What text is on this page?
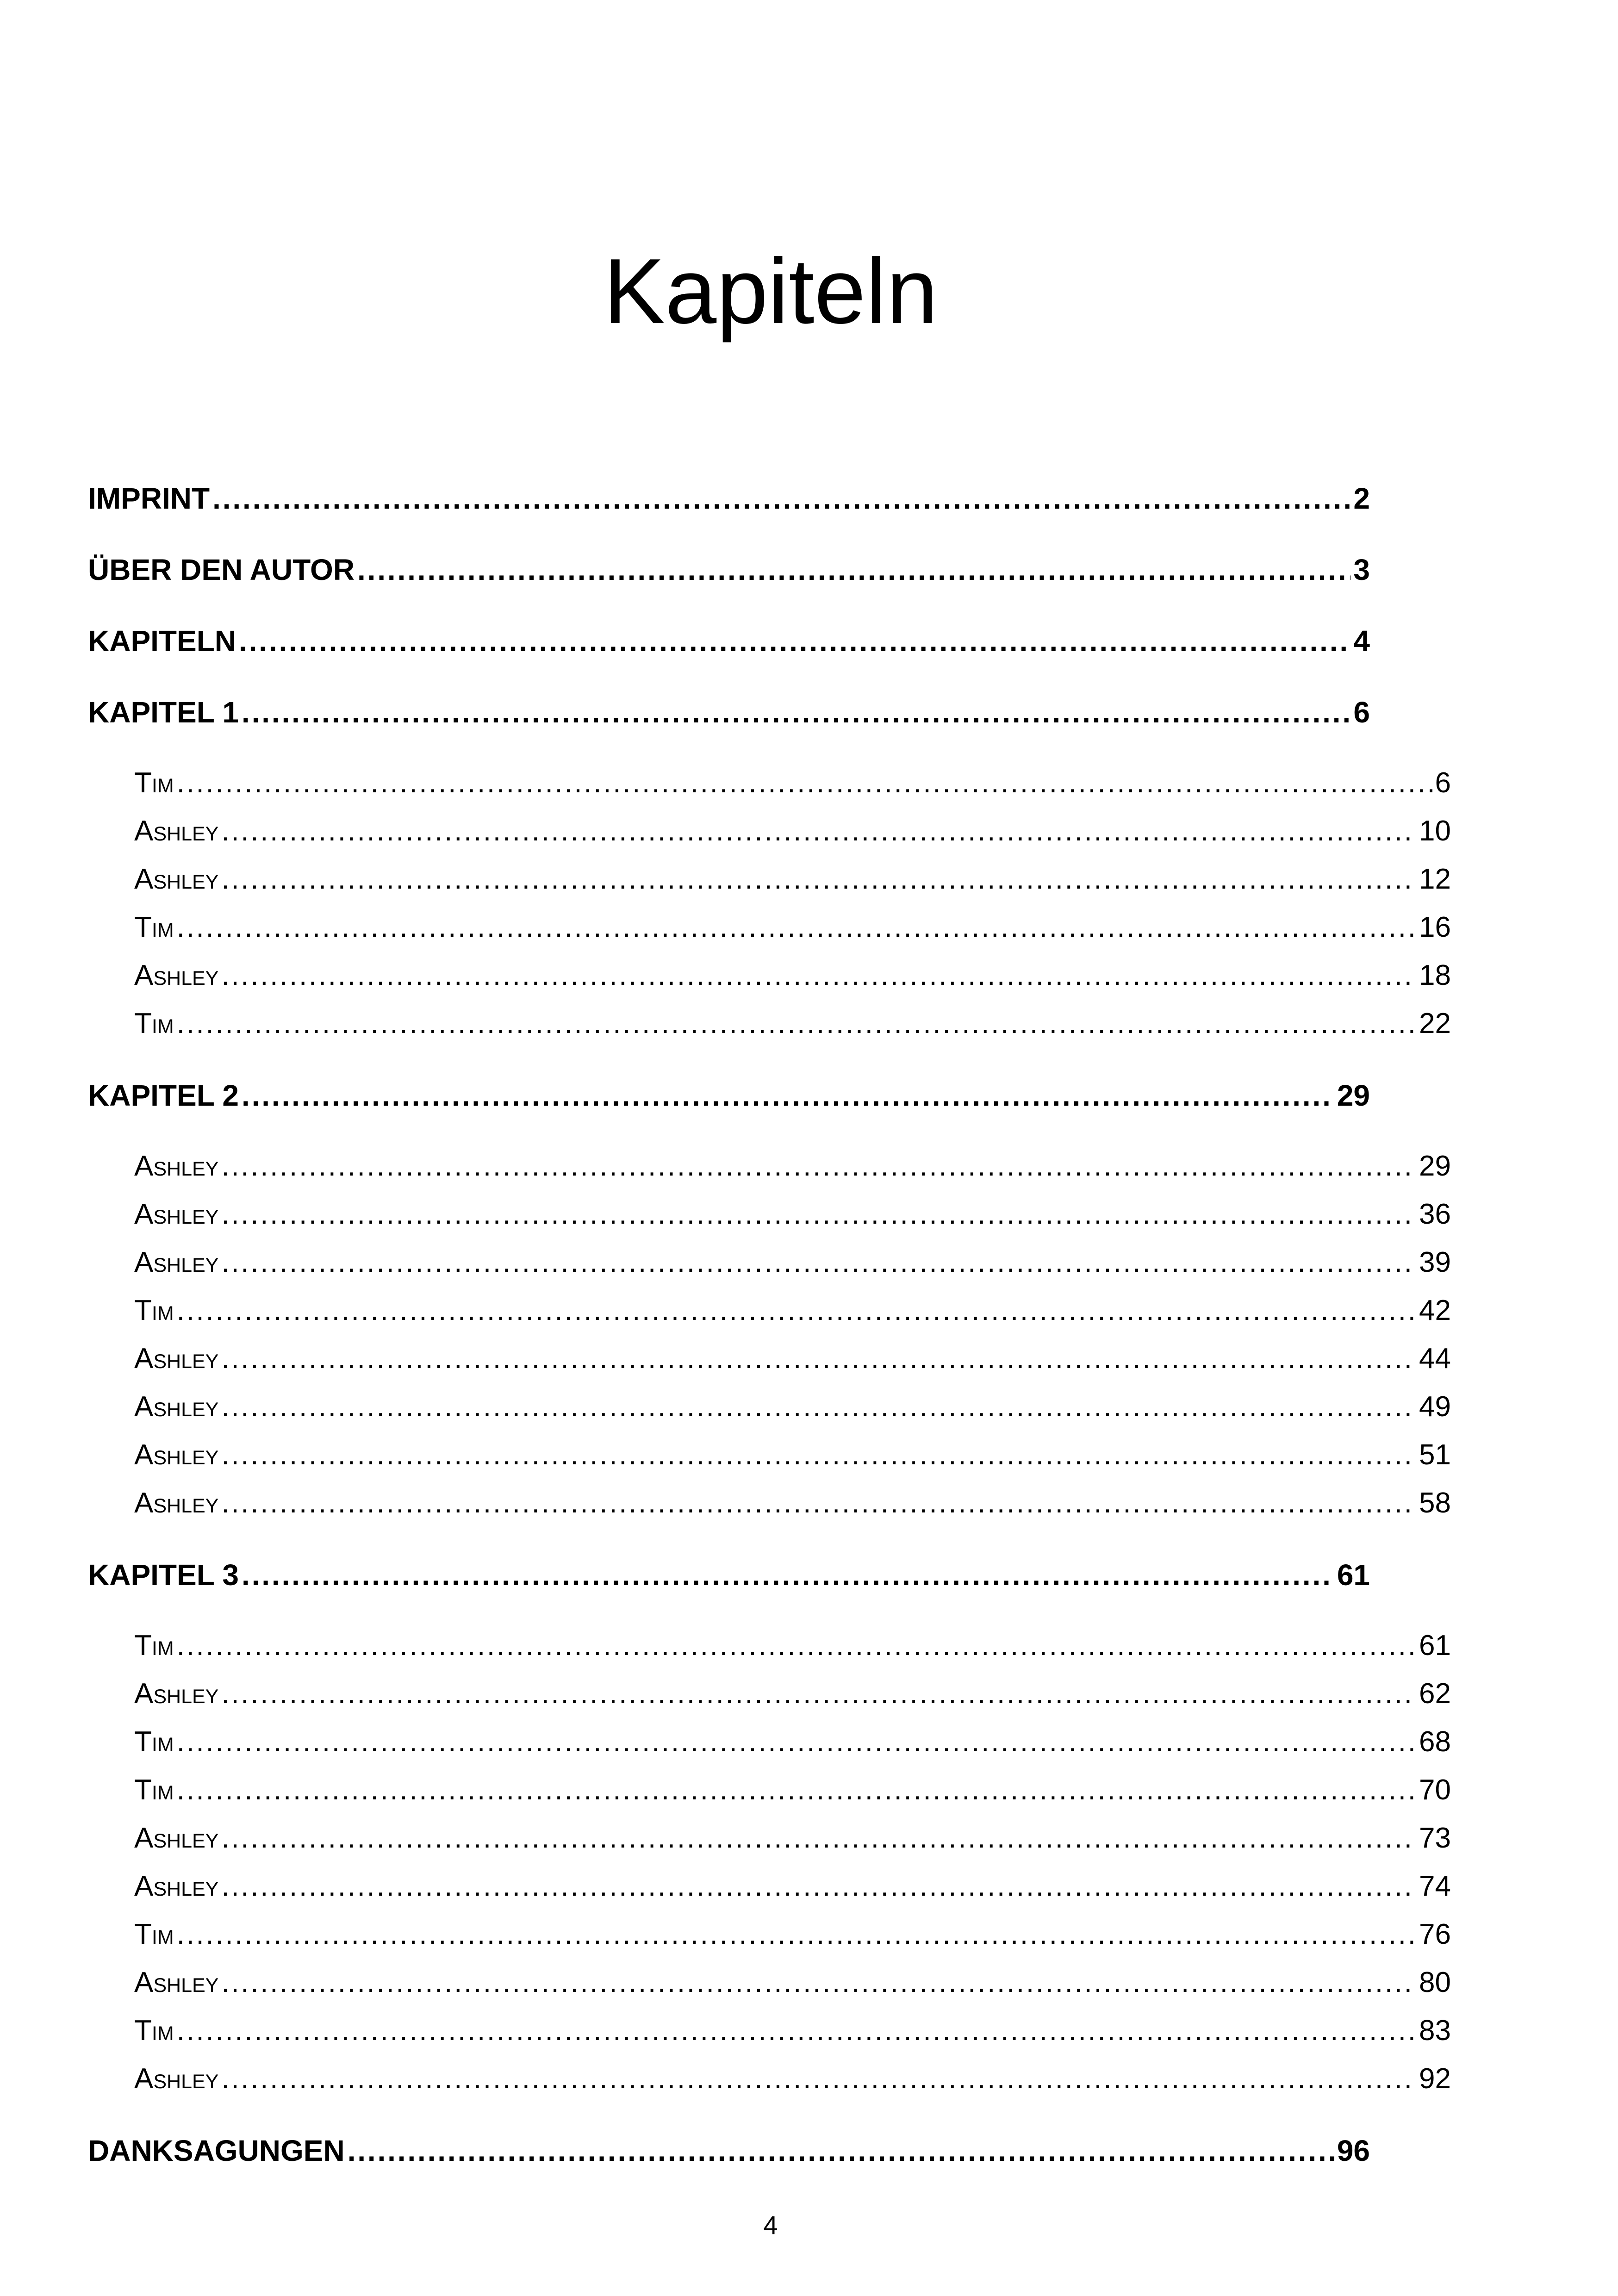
Kapiteln
IMPRINT .....	2
ÜBER DEN AUTOR .....	3
KAPITELN .....	4
KAPITEL 1 .....	6
Tim .....	6
Ashley .....	10
Ashley .....	12
Tim .....	16
Ashley .....	18
Tim .....	22
KAPITEL 2 .....	29
Ashley .....	29
Ashley .....	36
Ashley .....	39
Tim .....	42
Ashley .....	44
Ashley .....	49
Ashley .....	51
Ashley .....	58
KAPITEL 3 .....	61
Tim .....	61
Ashley .....	62
Tim .....	68
Tim .....	70
Ashley .....	73
Ashley .....	74
Tim .....	76
Ashley .....	80
Tim .....	83
Ashley .....	92
DANKSAGUNGEN .....	96
4
